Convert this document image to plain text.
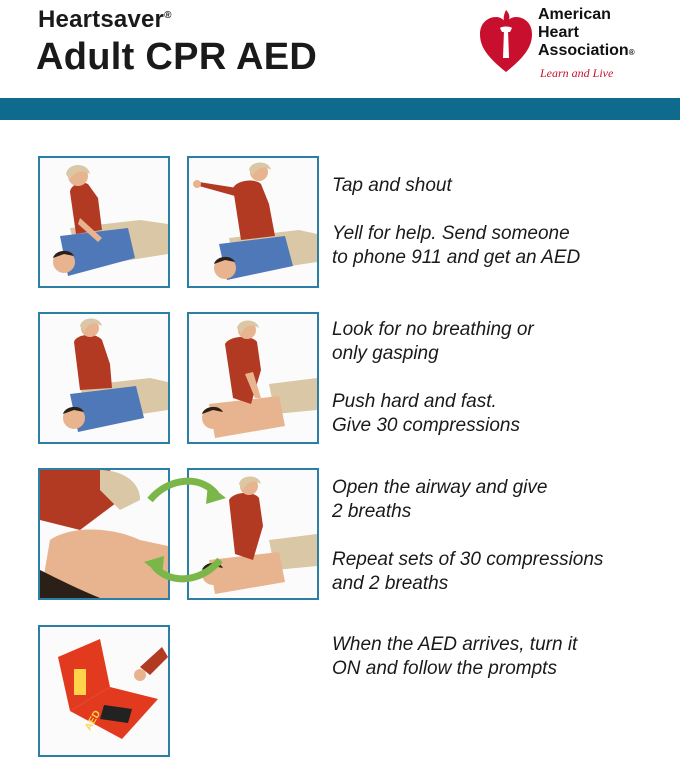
Heartsaver®
Adult CPR AED
American
Heart
Association®
Learn and Live

Tap and shout

Yell for help. Send someone

to phone 911 and get an AED

Look for no breathing or

only gasping

Push hard and fast.

Give 30 compressions

Open the airway and give

2 breaths

Repeat sets of 30 compressions

and 2 breaths

AED

When the AED arrives, turn it

ON and follow the prompts
